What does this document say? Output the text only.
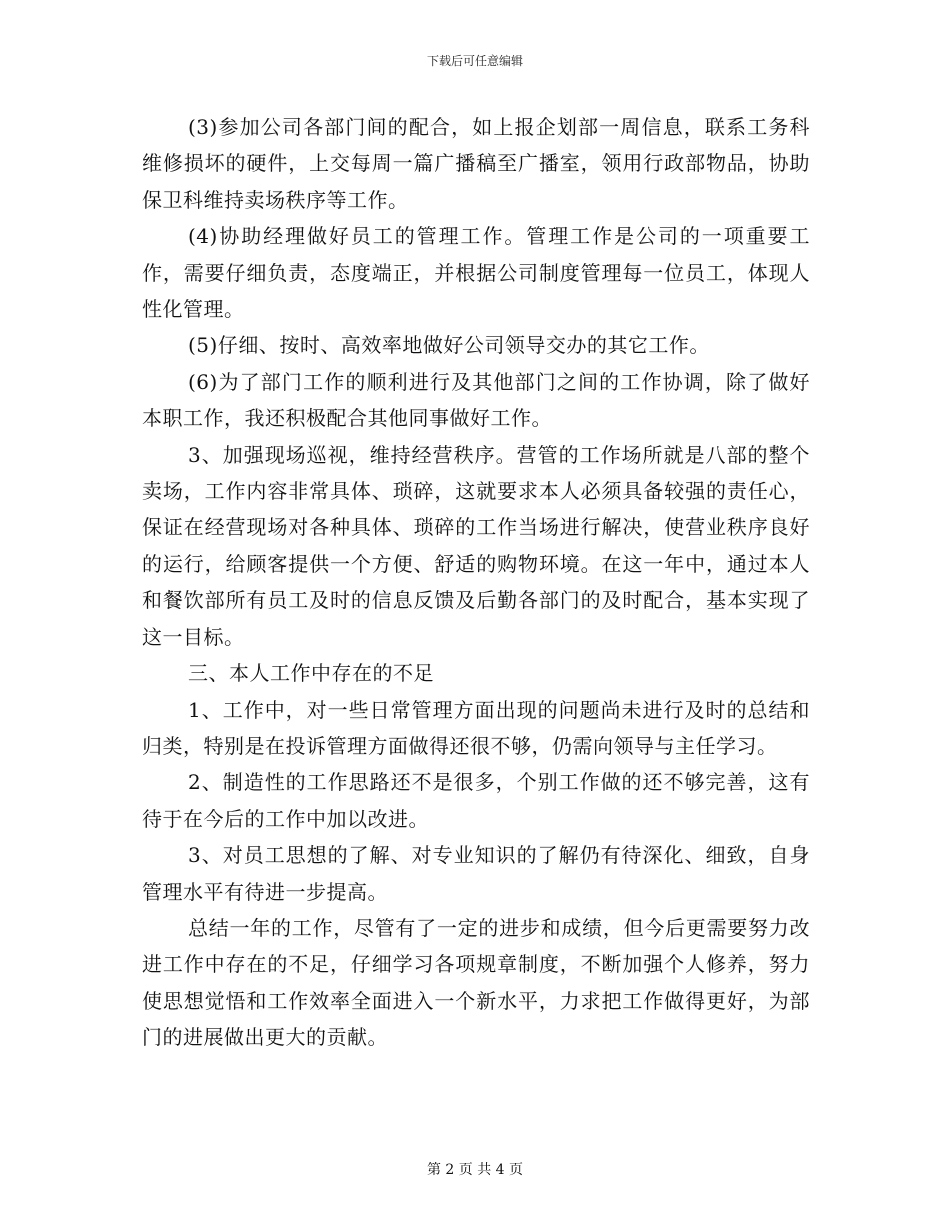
下载后可任意编辑

(3)参加公司各部门间的配合，如上报企划部一周信息，联系工务科维修损坏的硬件，上交每周一篇广播稿至广播室，领用行政部物品，协助保卫科维持卖场秩序等工作。

(4)协助经理做好员工的管理工作。管理工作是公司的一项重要工作，需要仔细负责，态度端正，并根据公司制度管理每一位员工，体现人性化管理。

(5)仔细、按时、高效率地做好公司领导交办的其它工作。

(6)为了部门工作的顺利进行及其他部门之间的工作协调，除了做好本职工作，我还积极配合其他同事做好工作。

3、加强现场巡视，维持经营秩序。营管的工作场所就是八部的整个卖场，工作内容非常具体、琐碎，这就要求本人必须具备较强的责任心，保证在经营现场对各种具体、琐碎的工作当场进行解决，使营业秩序良好的运行，给顾客提供一个方便、舒适的购物环境。在这一年中，通过本人和餐饮部所有员工及时的信息反馈及后勤各部门的及时配合，基本实现了这一目标。

三、本人工作中存在的不足

1、工作中，对一些日常管理方面出现的问题尚未进行及时的总结和归类，特别是在投诉管理方面做得还很不够，仍需向领导与主任学习。

2、制造性的工作思路还不是很多，个别工作做的还不够完善，这有待于在今后的工作中加以改进。

3、对员工思想的了解、对专业知识的了解仍有待深化、细致，自身管理水平有待进一步提高。

总结一年的工作，尽管有了一定的进步和成绩，但今后更需要努力改进工作中存在的不足，仔细学习各项规章制度，不断加强个人修养，努力使思想觉悟和工作效率全面进入一个新水平，力求把工作做得更好，为部门的进展做出更大的贡献。

第 2 页 共 4 页
